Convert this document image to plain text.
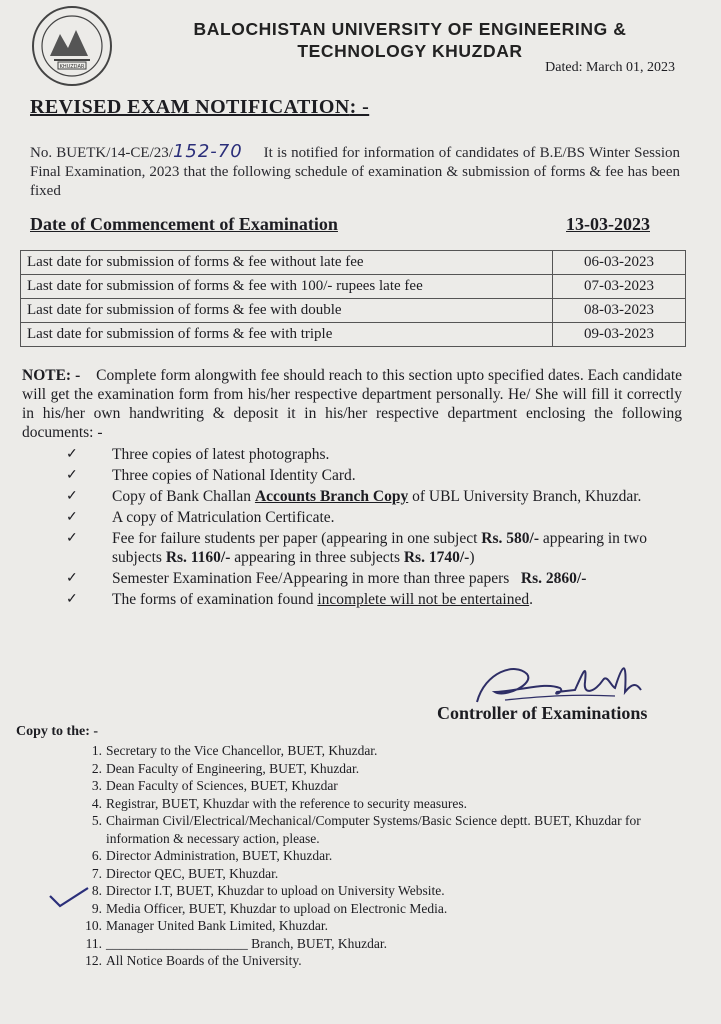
KHUZDAR
BALOCHISTAN UNIVERSITY OF ENGINEERING &
TECHNOLOGY KHUZDAR
Dated: March 01, 2023
REVISED EXAM NOTIFICATION: -
No. BUETK/14-CE/23/152-70 It is notified for information of candidates of B.E/BS Winter Session Final Examination, 2023 that the following schedule of examination & submission of forms & fee has been fixed
Date of Commencement of Examination	13-03-2023
Last date for submission of forms & fee without late fee	06-03-2023
Last date for submission of forms & fee with 100/- rupees late fee	07-03-2023
Last date for submission of forms & fee with double	08-03-2023
Last date for submission of forms & fee with triple	09-03-2023
NOTE: - Complete form alongwith fee should reach to this section upto specified dates. Each candidate will get the examination form from his/her respective department personally. He/ She will fill it correctly in his/her own handwriting & deposit it in his/her respective department enclosing the following documents: -
✓ Three copies of latest photographs.
✓ Three copies of National Identity Card.
✓ Copy of Bank Challan Accounts Branch Copy of UBL University Branch, Khuzdar.
✓ A copy of Matriculation Certificate.
✓ Fee for failure students per paper (appearing in one subject Rs. 580/- appearing in two subjects Rs. 1160/- appearing in three subjects Rs. 1740/-)
✓ Semester Examination Fee/Appearing in more than three papers   Rs. 2860/-
✓ The forms of examination found incomplete will not be entertained.
Controller of Examinations
Copy to the: -
1. Secretary to the Vice Chancellor, BUET, Khuzdar.
2. Dean Faculty of Engineering, BUET, Khuzdar.
3. Dean Faculty of Sciences, BUET, Khuzdar
4. Registrar, BUET, Khuzdar with the reference to security measures.
5. Chairman Civil/Electrical/Mechanical/Computer Systems/Basic Science deptt. BUET, Khuzdar for information & necessary action, please.
6. Director Administration, BUET, Khuzdar.
7. Director QEC, BUET, Khuzdar.
8. Director I.T, BUET, Khuzdar to upload on University Website.
9. Media Officer, BUET, Khuzdar to upload on Electronic Media.
10. Manager United Bank Limited, Khuzdar.
11. _____________________ Branch, BUET, Khuzdar.
12. All Notice Boards of the University.
